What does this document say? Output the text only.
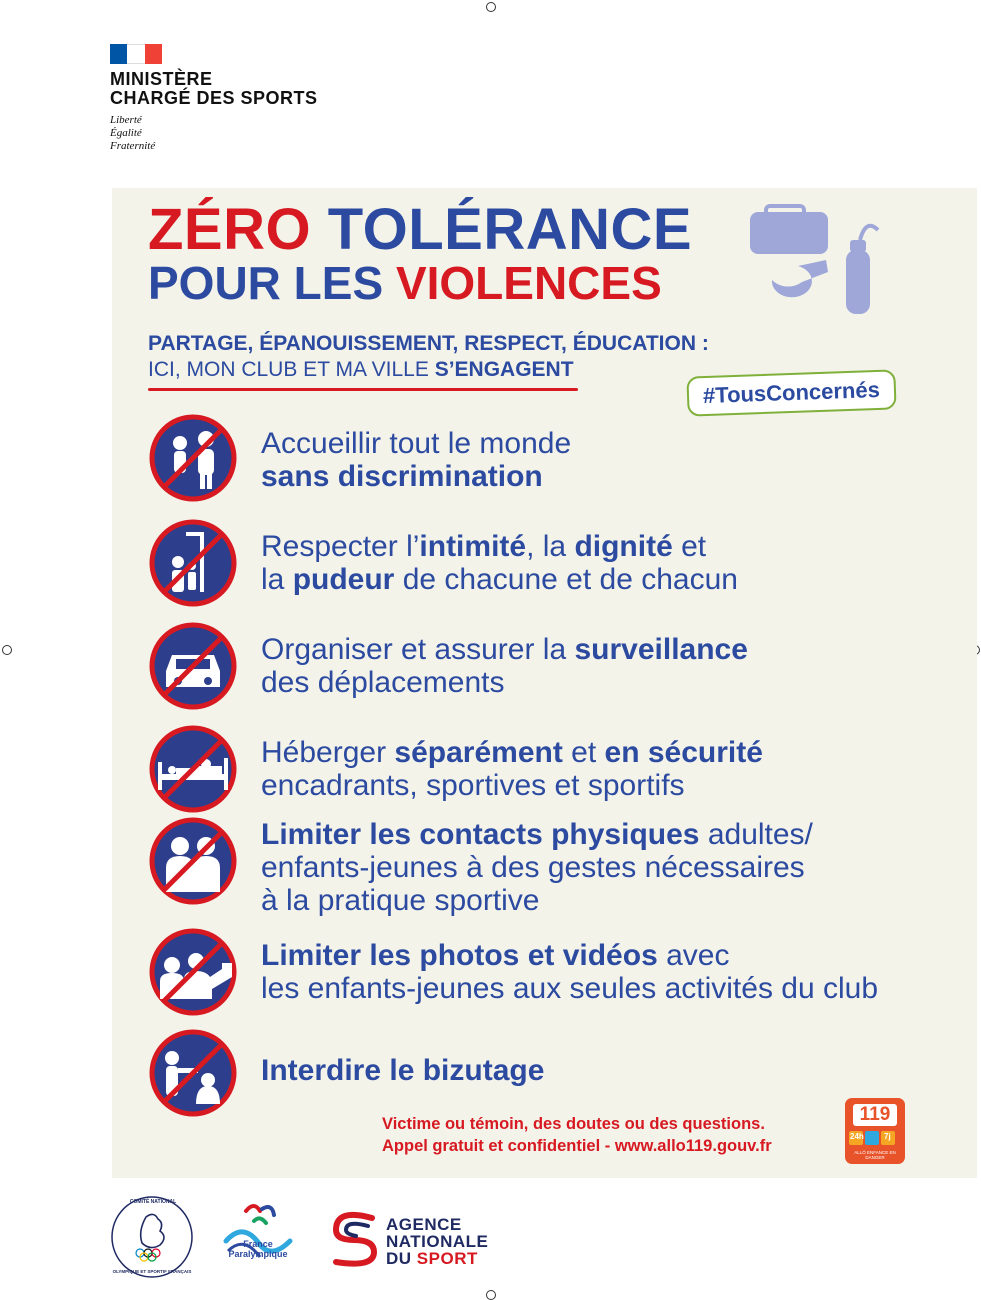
MINISTÈRE
CHARGÉ DES SPORTS
Liberté
Égalité
Fraternité
ZÉRO TOLÉRANCE
POUR LES VIOLENCES
PARTAGE, ÉPANOUISSEMENT, RESPECT, ÉDUCATION :
ICI, MON CLUB ET MA VILLE S’ENGAGENT
#TousConcernés
Accueillir tout le monde
sans discrimination
Respecter l’intimité, la dignité et
la pudeur de chacune et de chacun
Organiser et assurer la surveillance
des déplacements
Héberger séparément et en sécurité
encadrants, sportives et sportifs
Limiter les contacts physiques adultes/
enfants-jeunes à des gestes nécessaires
à la pratique sportive
Limiter les photos et vidéos avec
les enfants-jeunes aux seules activités du club
Interdire le bizutage
Victime ou témoin, des doutes ou des questions.
Appel gratuit et confidentiel - www.allo119.gouv.fr
119
24h	7j
ALLÔ ENFANCE EN DANGER
COMITÉ NATIONAL
OLYMPIQUE ET SPORTIF FRANÇAIS
France
Paralympique
AGENCE
NATIONALE
DU SPORT
